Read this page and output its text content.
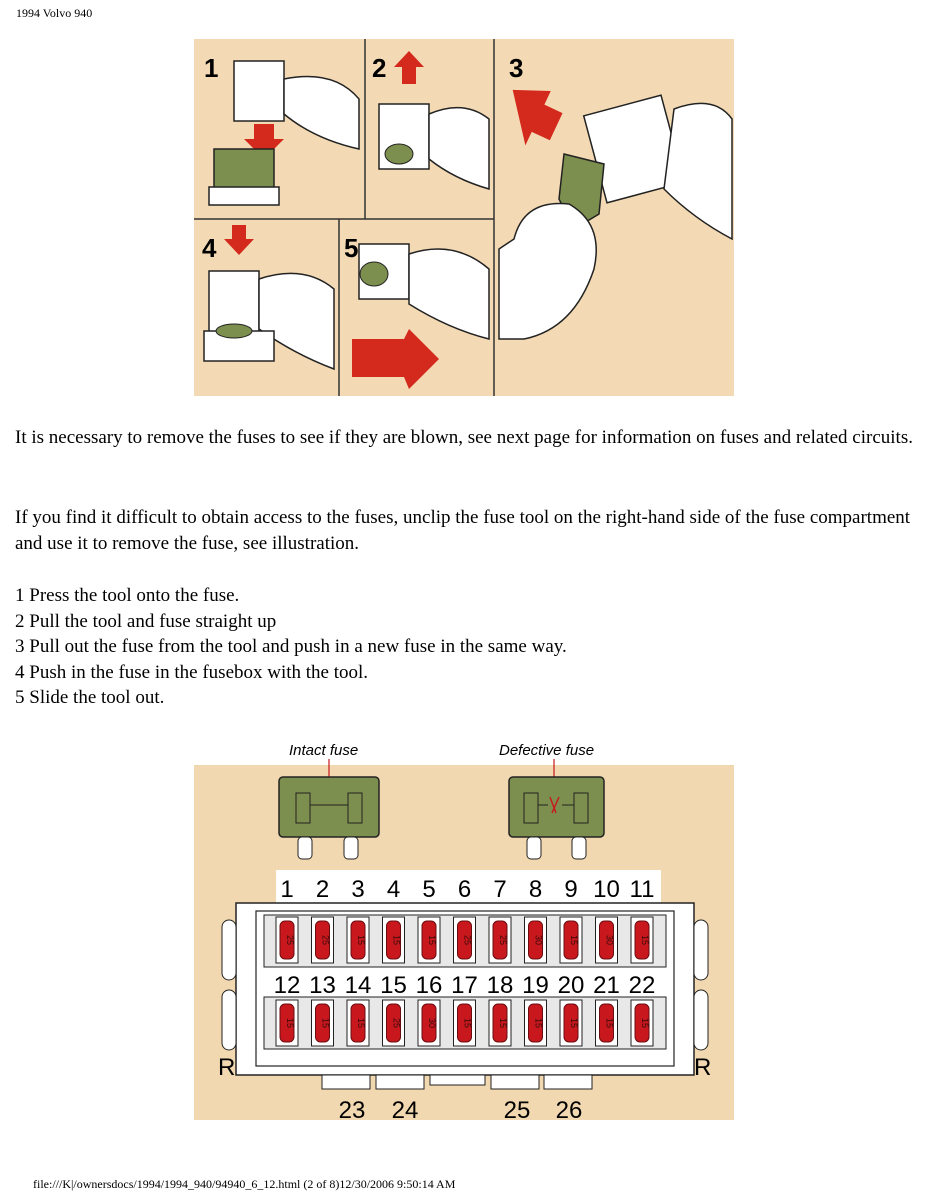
1994 Volvo 940
1	2	3
4	5

It is necessary to remove the fuses to see if they are blown, see next page for information on fuses and related circuits.

If you find it difficult to obtain access to the fuses, unclip the fuse tool on the right-hand side of the fuse compartment and use it to remove the fuse, see illustration.

1 Press the tool onto the fuse.
2 Pull the tool and fuse straight up
3 Pull out the fuse from the tool and push in a new fuse in the same way.
4 Push in the fuse in the fusebox with the tool.
5 Slide the tool out.
Intact fuse	Defective fuse
R	R
1 2 3 4 5 6 7 8 9 10 11
25	25	15	15	15	25	25	30	15	30	15
12 13 14 15 16 17 18 19 20 21 22
15	15	15	25	30	15	15	15	15	15	15
23 24	25 26
file:///K|/ownersdocs/1994/1994_940/94940_6_12.html (2 of 8)12/30/2006 9:50:14 AM
